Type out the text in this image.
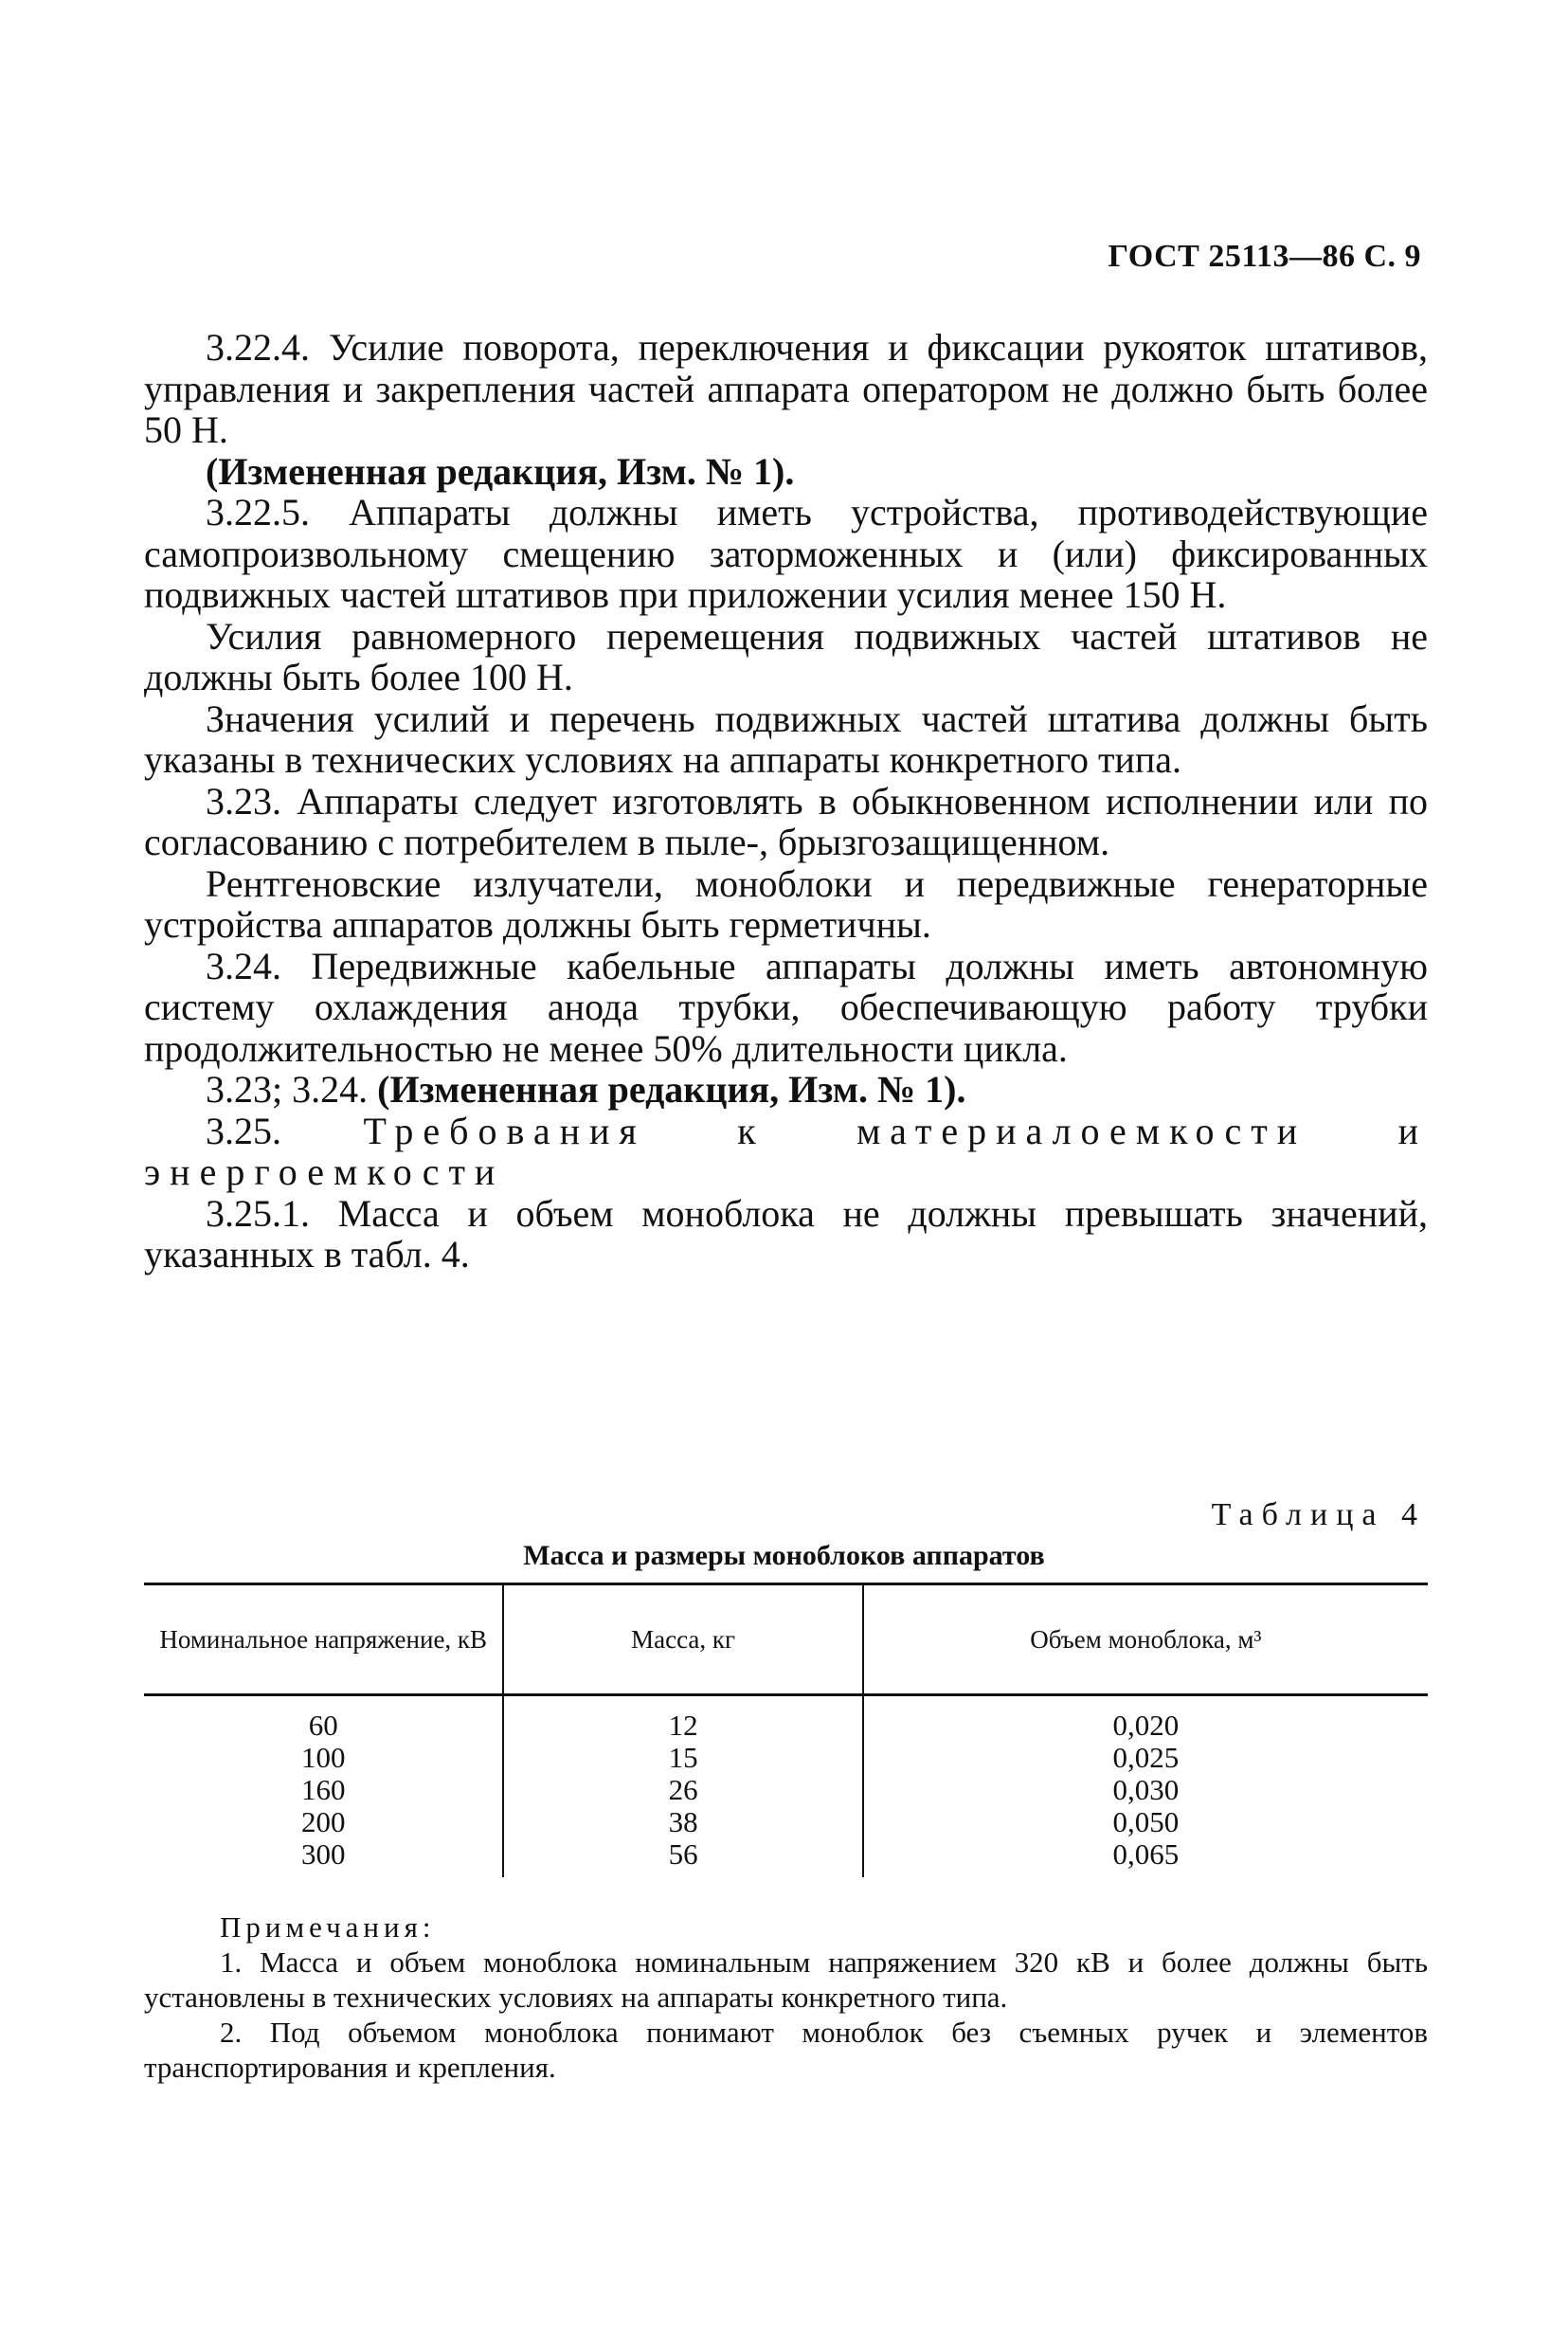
ГОСТ 25113—86 С. 9

3.22.4. Усилие поворота, переключения и фиксации рукояток штативов, управления и закрепления частей аппарата оператором не должно быть более 50 Н.

(Измененная редакция, Изм. № 1).

3.22.5. Аппараты должны иметь устройства, противодействующие самопроизвольному смещению заторможенных и (или) фиксированных подвижных частей штативов при приложении усилия менее 150 Н.

Усилия равномерного перемещения подвижных частей штативов не должны быть более 100 Н.

Значения усилий и перечень подвижных частей штатива должны быть указаны в технических условиях на аппараты конкретного типа.

3.23. Аппараты следует изготовлять в обыкновенном исполнении или по согласованию с потребителем в пыле-, брызгозащищенном.

Рентгеновские излучатели, моноблоки и передвижные генераторные устройства аппаратов должны быть герметичны.

3.24. Передвижные кабельные аппараты должны иметь автономную систему охлаждения анода трубки, обеспечивающую работу трубки продолжительностью не менее 50% длительности цикла.

3.23; 3.24. (Измененная редакция, Изм. № 1).

3.25. Требования к материалоемкости и энергоемкости

3.25.1. Масса и объем моноблока не должны превышать значений, указанных в табл. 4.

Таблица 4
Масса и размеры моноблоков аппаратов
Номинальное напряжение, кВ	Масса, кг	Объем моноблока, м³
60	12	0,020
100	15	0,025
160	26	0,030
200	38	0,050
300	56	0,065

Примечания:

1. Масса и объем моноблока номинальным напряжением 320 кВ и более должны быть установлены в технических условиях на аппараты конкретного типа.

2. Под объемом моноблока понимают моноблок без съемных ручек и элементов транспортирования и крепления.
